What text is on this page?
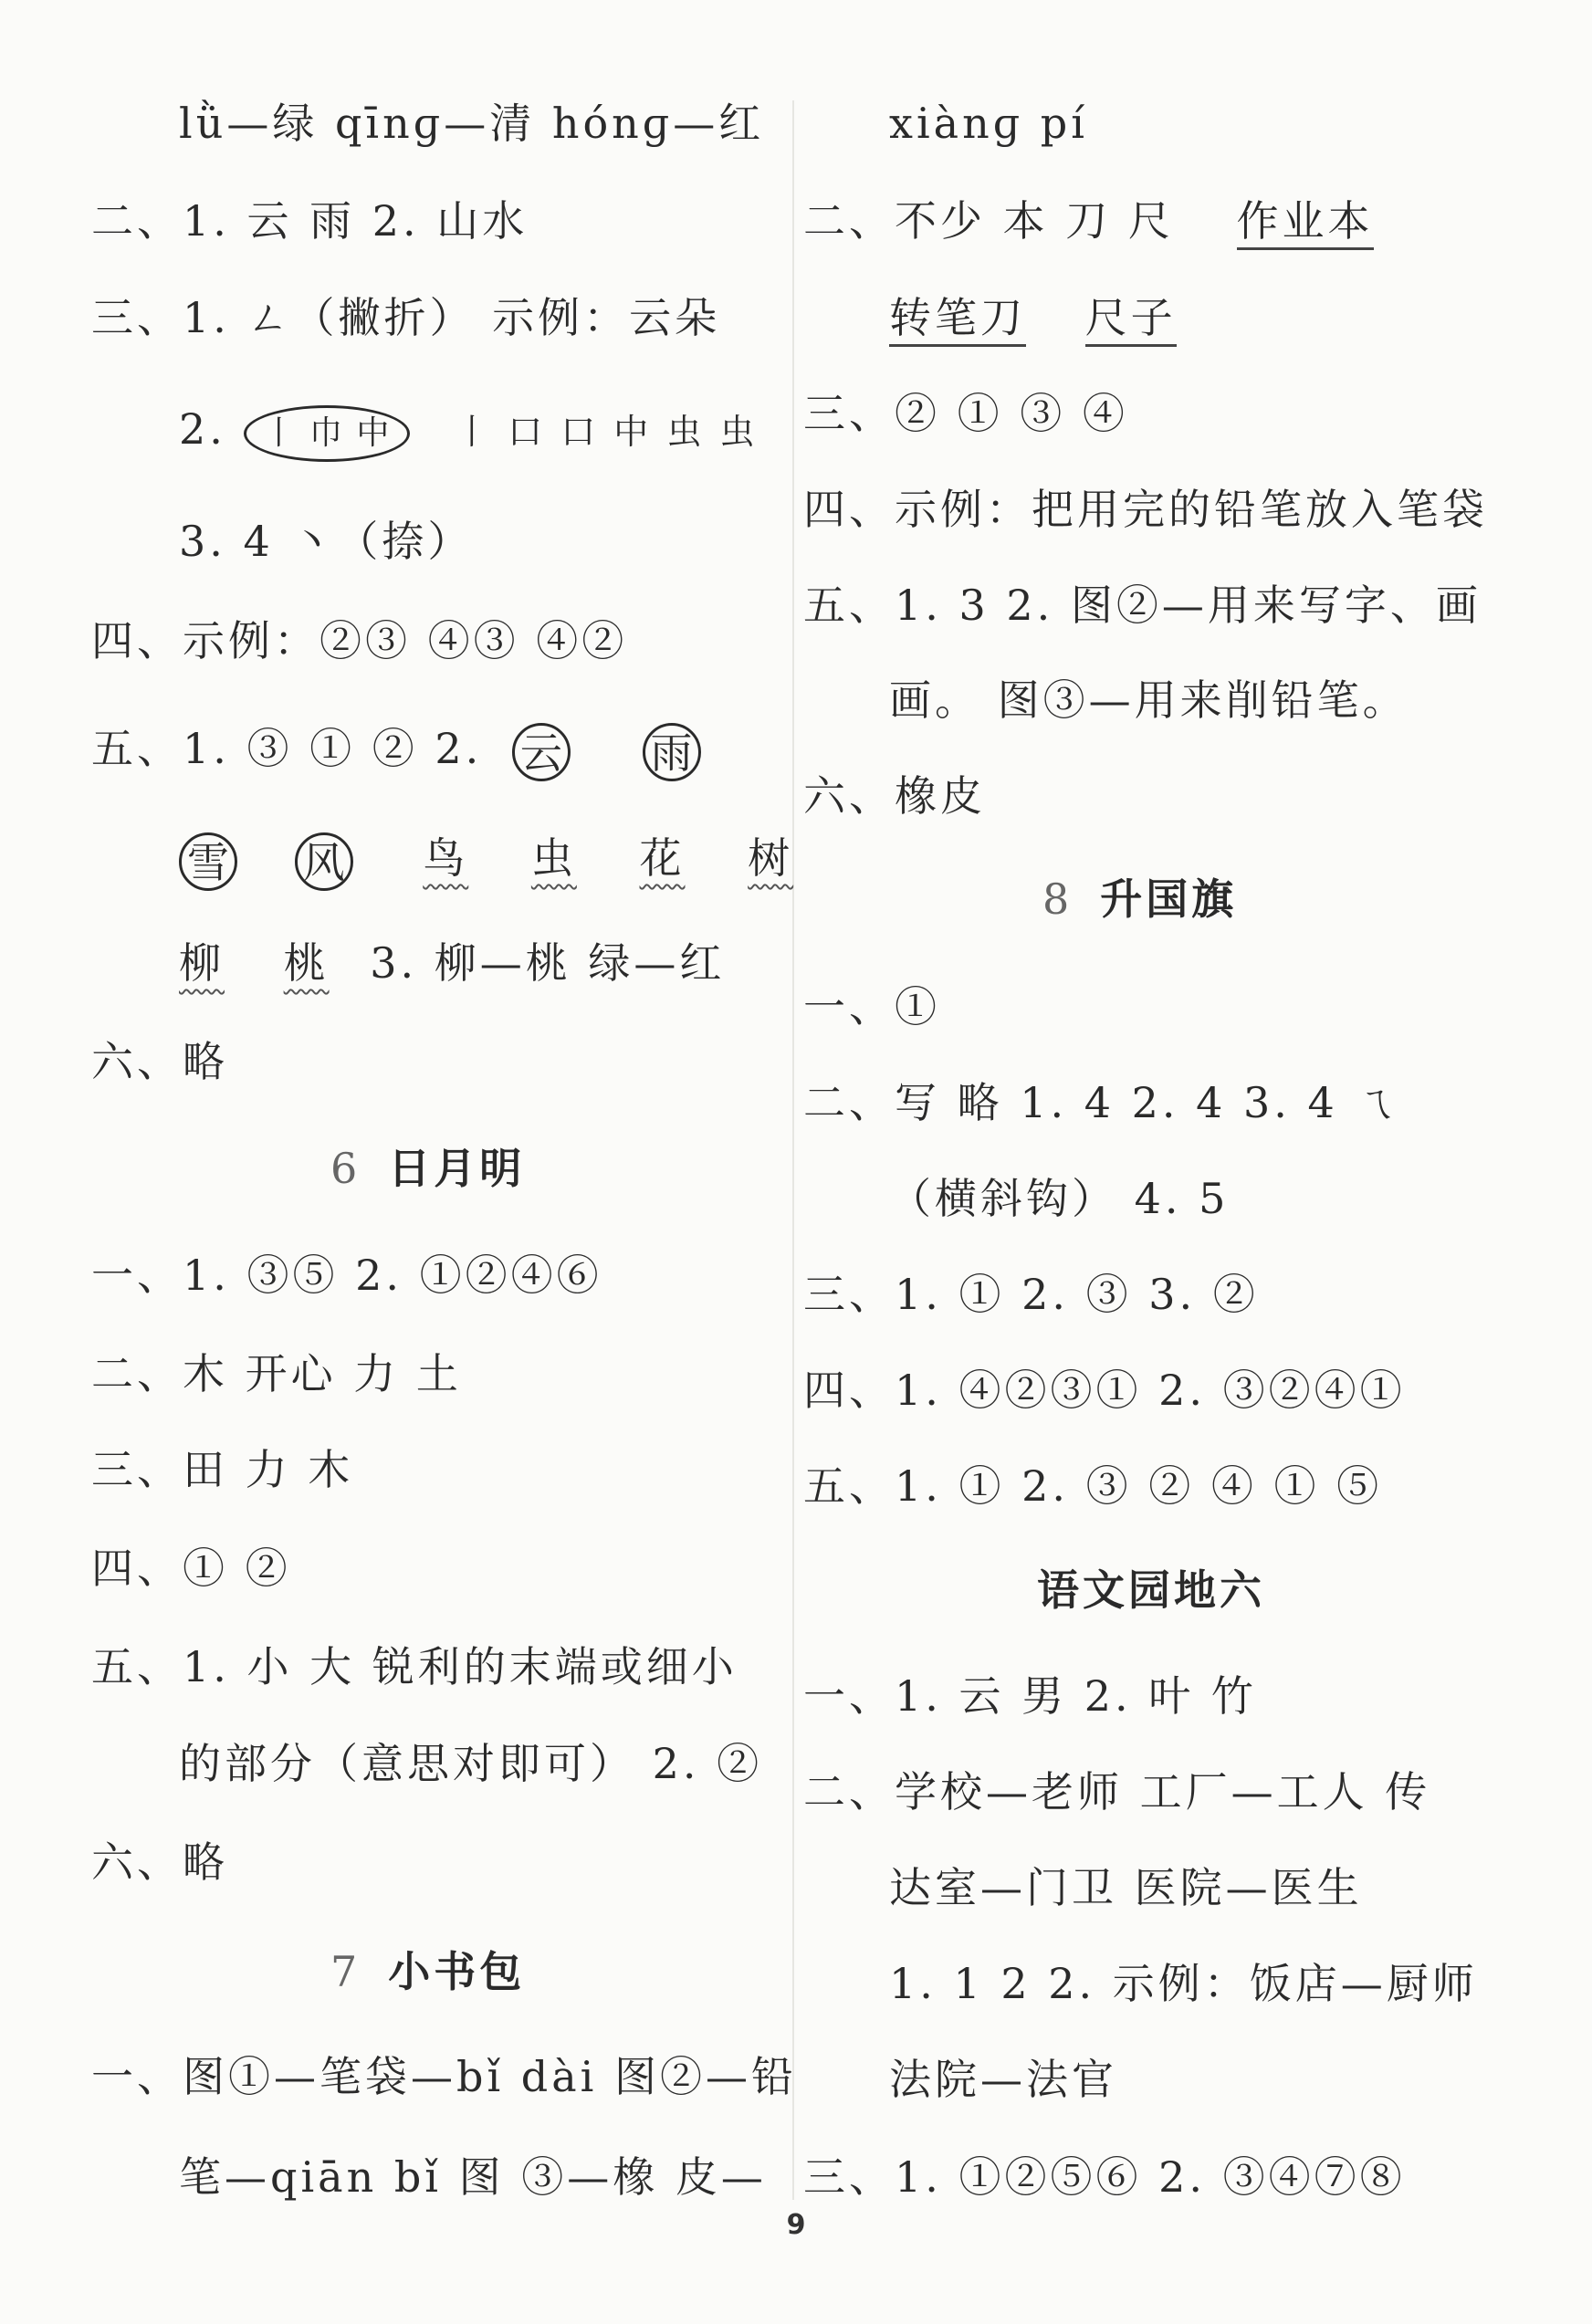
lǜ—绿 qīnɡ—清 hónɡ—红
二、1. 云 雨 2. 山水
三、1. ㄥ（撇折） 示例：云朵
2. 丨 巾 中 丨 口 口 中 虫 虫
3. 4 丶（捺）
四、示例：②③ ④③ ④②
五、1. ③ ① ② 2. 云 雨
雪 风 鸟 虫 花 树
柳 桃 3. 柳—桃 绿—红
六、略
6 日月明
一、1. ③⑤ 2. ①②④⑥
二、木 开心 力 土
三、田 力 木
四、① ②
五、1. 小 大 锐利的末端或细小
的部分（意思对即可） 2. ②
六、略
7 小书包
一、图①—笔袋—bǐ dài 图②—铅
笔—qiān bǐ 图 ③—橡 皮—
xiànɡ pí
二、不少 本 刀 尺 作业本
转笔刀 尺子
三、② ① ③ ④
四、示例：把用完的铅笔放入笔袋
五、1. 3 2. 图②—用来写字、画
画。 图③—用来削铅笔。
六、橡皮
8 升国旗
一、①
二、写 略 1. 4 2. 4 3. 4 ㄟ
（横斜钩） 4. 5
三、1. ① 2. ③ 3. ②
四、1. ④②③① 2. ③②④①
五、1. ① 2. ③ ② ④ ① ⑤
语文园地六
一、1. 云 男 2. 叶 竹
二、学校—老师 工厂—工人 传
达室—门卫 医院—医生
1. 1 2 2. 示例：饭店—厨师
法院—法官
三、1. ①②⑤⑥ 2. ③④⑦⑧
9
